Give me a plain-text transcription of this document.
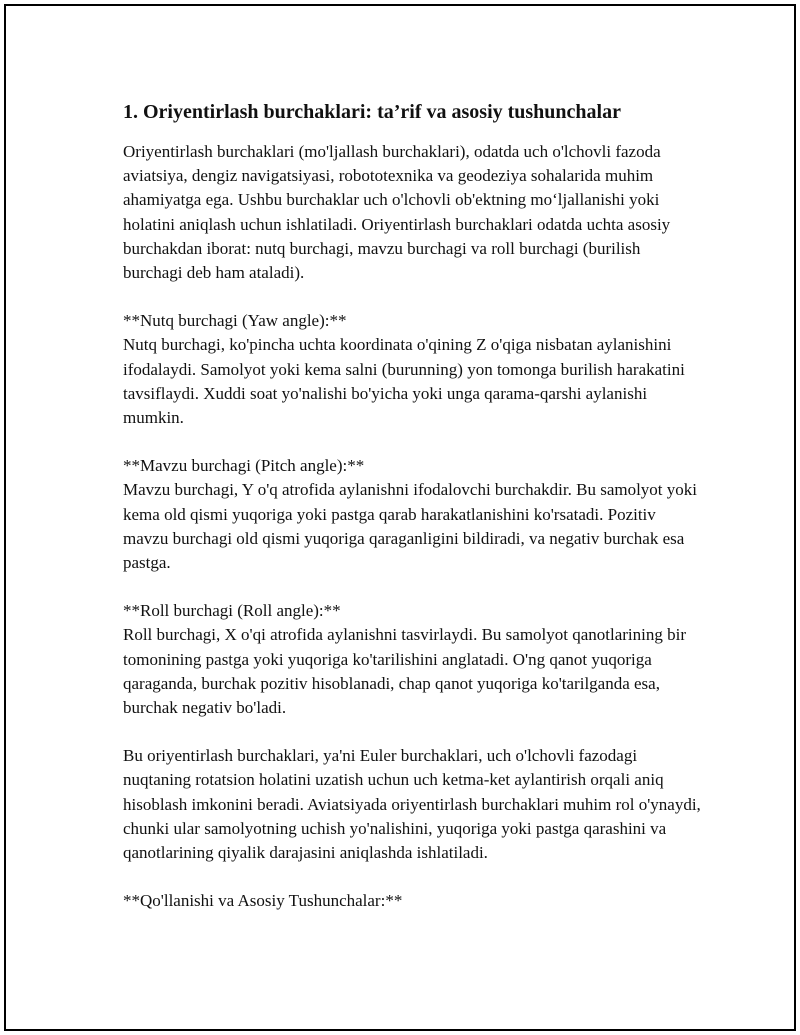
1. Oriyentirlash burchaklari: ta’rif va asosiy tushunchalar

Oriyentirlash burchaklari (mo'ljallash burchaklari), odatda uch o'lchovli fazoda aviatsiya, dengiz navigatsiyasi, robototexnika va geodeziya sohalarida muhim ahamiyatga ega. Ushbu burchaklar uch o'lchovli ob'ektning mo‘ljallanishi yoki holatini aniqlash uchun ishlatiladi. Oriyentirlash burchaklari odatda uchta asosiy burchakdan iborat: nutq burchagi, mavzu burchagi va roll burchagi (burilish burchagi deb ham ataladi).

**Nutq burchagi (Yaw angle):**

Nutq burchagi, ko'pincha uchta koordinata o'qining Z o'qiga nisbatan aylanishini ifodalaydi. Samolyot yoki kema salni (burunning) yon tomonga burilish harakatini tavsiflaydi. Xuddi soat yo'nalishi bo'yicha yoki unga qarama-qarshi aylanishi mumkin.

**Mavzu burchagi (Pitch angle):**

Mavzu burchagi, Y o'q atrofida aylanishni ifodalovchi burchakdir. Bu samolyot yoki kema old qismi yuqoriga yoki pastga qarab harakatlanishini ko'rsatadi. Pozitiv mavzu burchagi old qismi yuqoriga qaraganligini bildiradi, va negativ burchak esa pastga.

**Roll burchagi (Roll angle):**

Roll burchagi, X o'qi atrofida aylanishni tasvirlaydi. Bu samolyot qanotlarining bir tomonining pastga yoki yuqoriga ko'tarilishini anglatadi. O'ng qanot yuqoriga qaraganda, burchak pozitiv hisoblanadi, chap qanot yuqoriga ko'tarilganda esa, burchak negativ bo'ladi.

Bu oriyentirlash burchaklari, ya'ni Euler burchaklari, uch o'lchovli fazodagi nuqtaning rotatsion holatini uzatish uchun uch ketma-ket aylantirish orqali aniq hisoblash imkonini beradi. Aviatsiyada oriyentirlash burchaklari muhim rol o'ynaydi, chunki ular samolyotning uchish yo'nalishini, yuqoriga yoki pastga qarashini va qanotlarining qiyalik darajasini aniqlashda ishlatiladi.

**Qo'llanishi va Asosiy Tushunchalar:**
